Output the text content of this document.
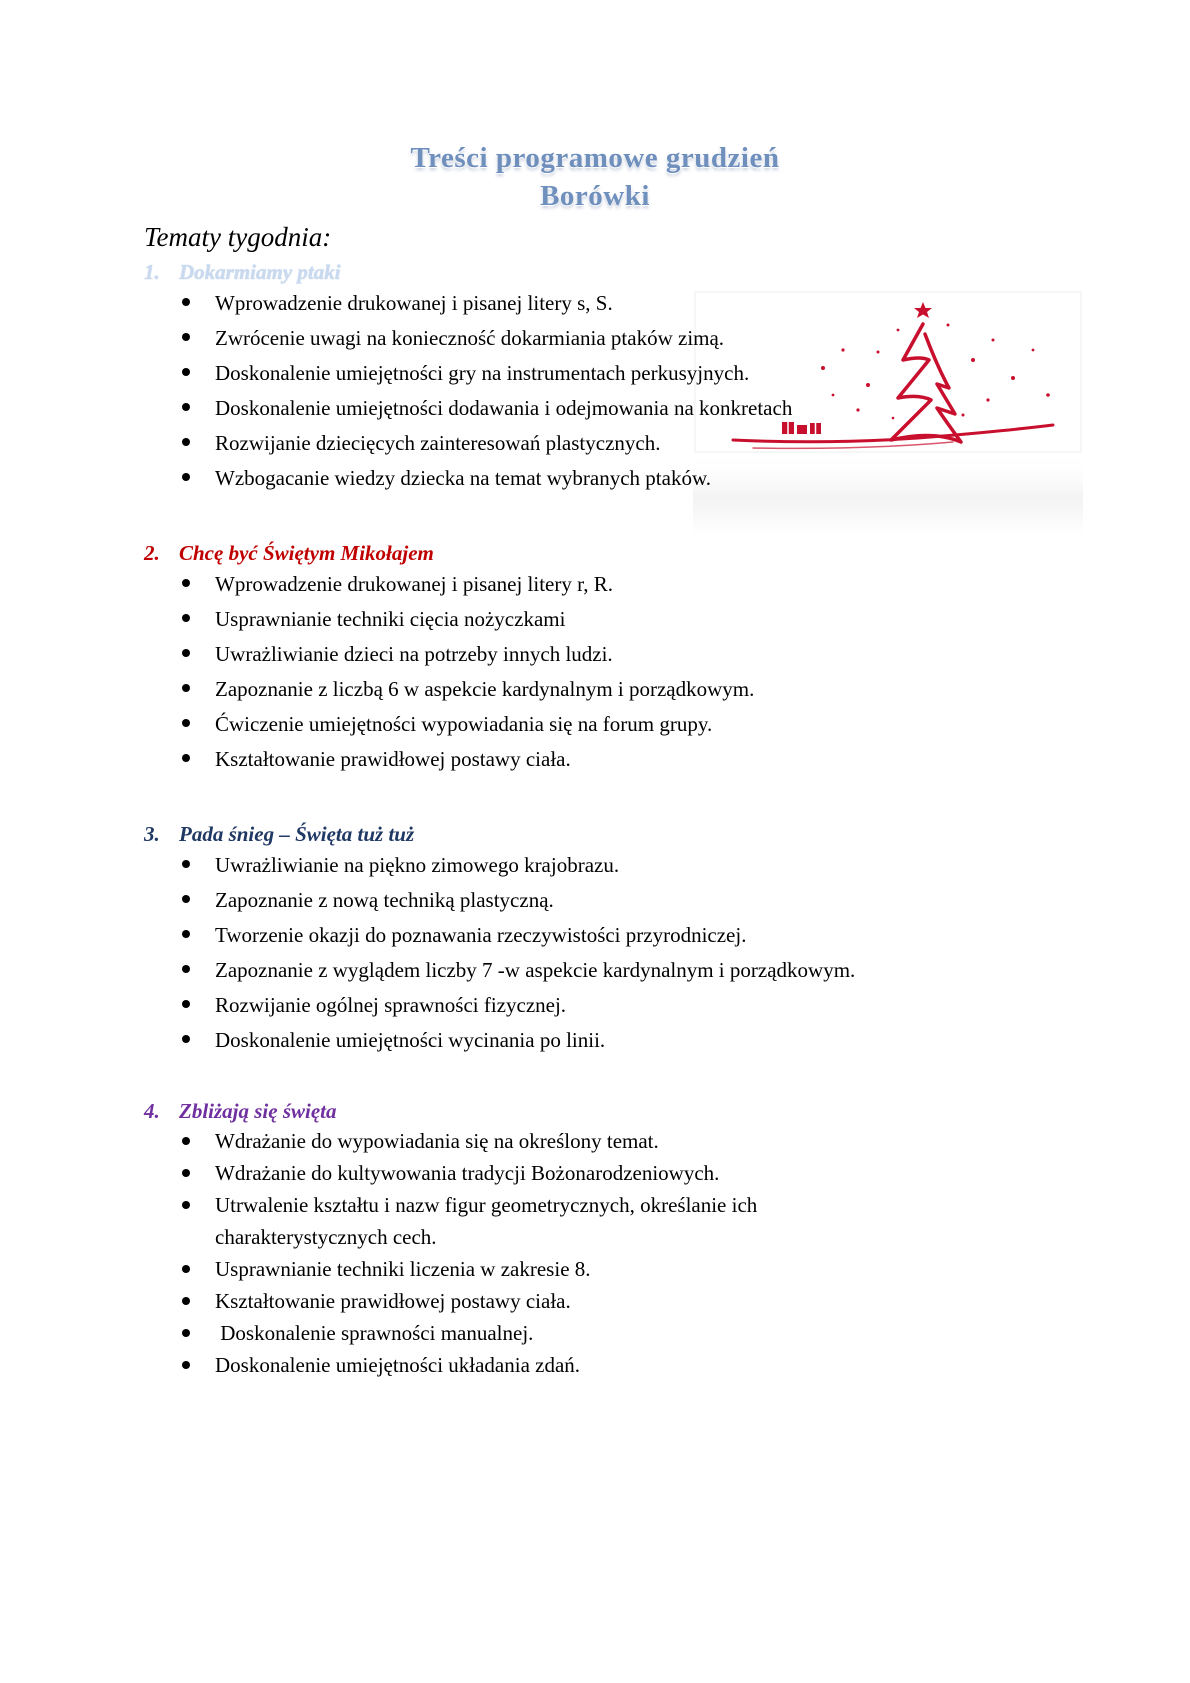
Treści programowe grudzień
Borówki
Tematy tygodnia:
1. Dokarmiamy ptaki
Wprowadzenie drukowanej i pisanej litery s, S.
Zwrócenie uwagi na konieczność dokarmiania ptaków zimą.
Doskonalenie umiejętności gry na instrumentach perkusyjnych.
Doskonalenie umiejętności dodawania i odejmowania na konkretach
Rozwijanie dziecięcych zainteresowań plastycznych.
Wzbogacanie wiedzy dziecka na temat wybranych ptaków.
2. Chcę być Świętym Mikołajem
Wprowadzenie drukowanej i pisanej litery r, R.
Usprawnianie techniki cięcia nożyczkami
Uwrażliwianie dzieci na potrzeby innych ludzi.
Zapoznanie z liczbą 6 w aspekcie kardynalnym i porządkowym.
Ćwiczenie umiejętności wypowiadania się na forum grupy.
Kształtowanie prawidłowej postawy ciała.
3. Pada śnieg – Święta tuż tuż
Uwrażliwianie na piękno zimowego krajobrazu.
Zapoznanie z nową techniką plastyczną.
Tworzenie okazji do poznawania rzeczywistości przyrodniczej.
Zapoznanie z wyglądem liczby 7 -w aspekcie kardynalnym i porządkowym.
Rozwijanie ogólnej sprawności fizycznej.
Doskonalenie umiejętności wycinania po linii.
4. Zbliżają się święta
Wdrażanie do wypowiadania się na określony temat.
Wdrażanie do kultywowania tradycji Bożonarodzeniowych.
Utrwalenie kształtu i nazw figur geometrycznych, określanie ich
charakterystycznych cech.
Usprawnianie techniki liczenia w zakresie 8.
Kształtowanie prawidłowej postawy ciała.
Doskonalenie sprawności manualnej.
Doskonalenie umiejętności układania zdań.
